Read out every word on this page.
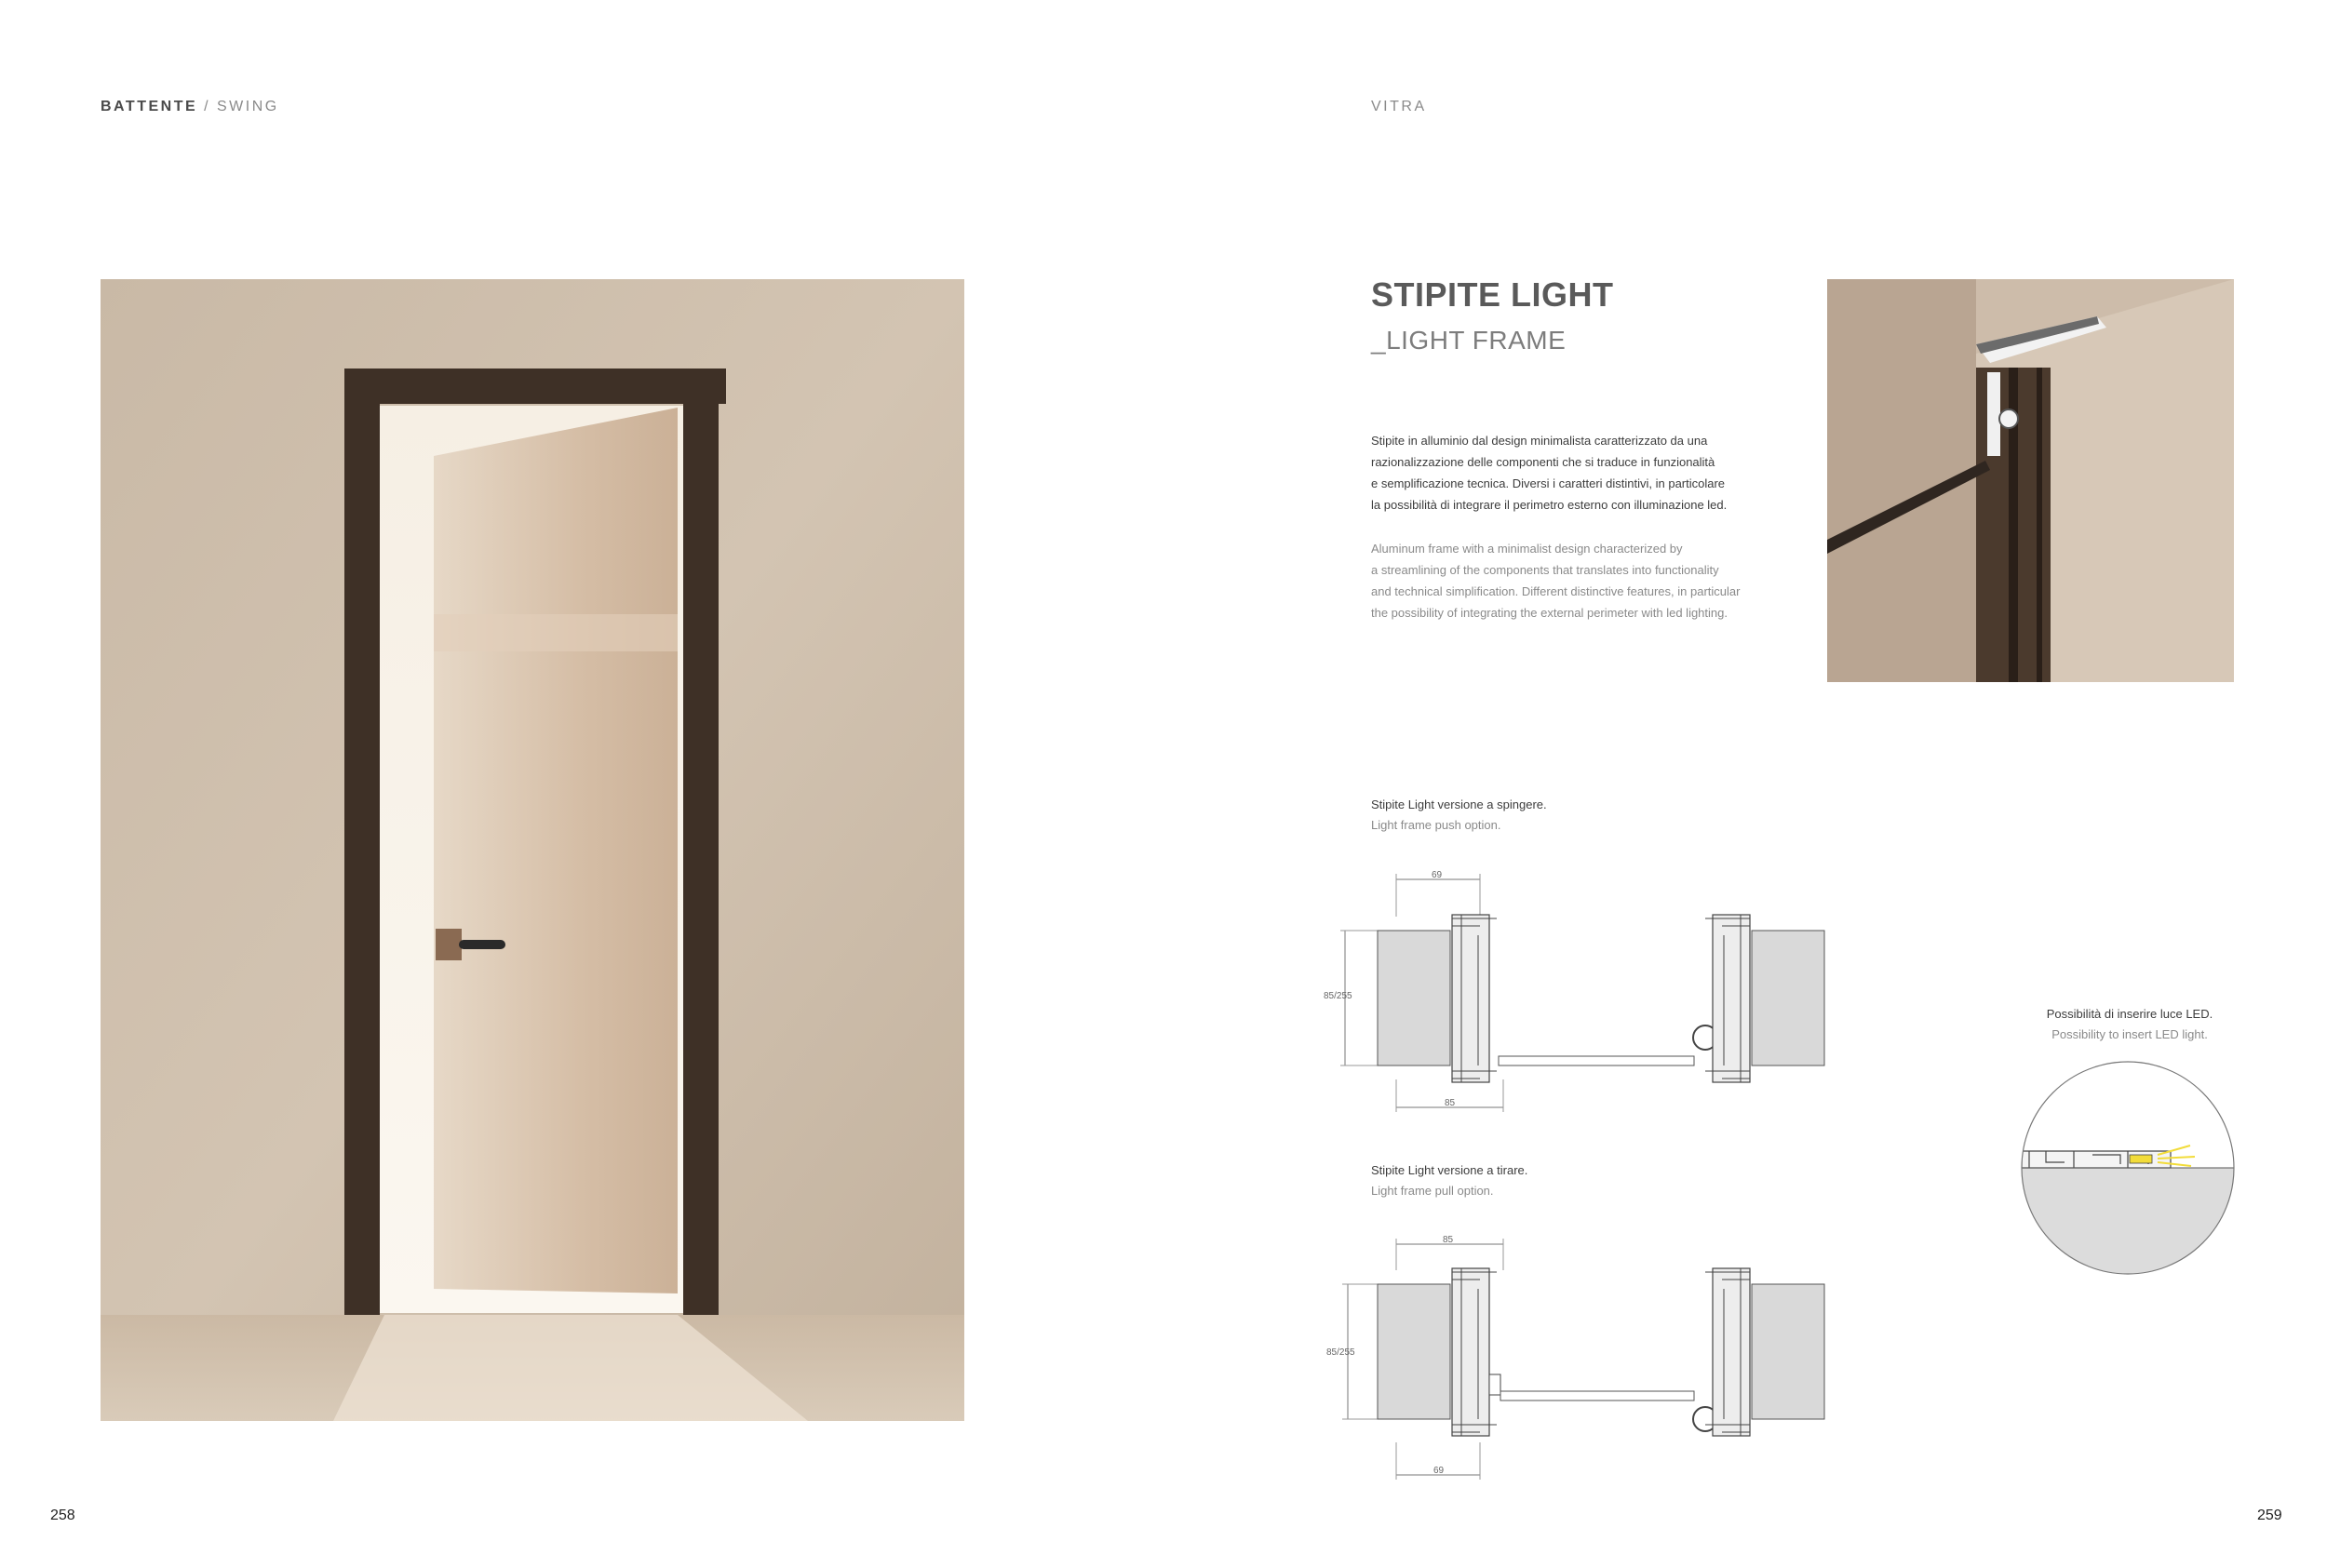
BATTENTE / SWING
258
VITRA
STIPITE LIGHT
_LIGHT FRAME
Stipite in alluminio dal design minimalista caratterizzato da una
razionalizzazione delle componenti che si traduce in funzionalità
e semplificazione tecnica. Diversi i caratteri distintivi, in particolare
la possibilità di integrare il perimetro esterno con illuminazione led.
Aluminum frame with a minimalist design characterized by
a streamlining of the components that translates into functionality
and technical simplification. Different distinctive features, in particular
the possibility of integrating the external perimeter with led lighting.
Stipite Light versione a spingere.
Light frame push option.
69
85/255
85
Stipite Light versione a tirare.
Light frame pull option.
85
85/255
69
Possibilità di inserire luce LED.
Possibility to insert LED light.
259
